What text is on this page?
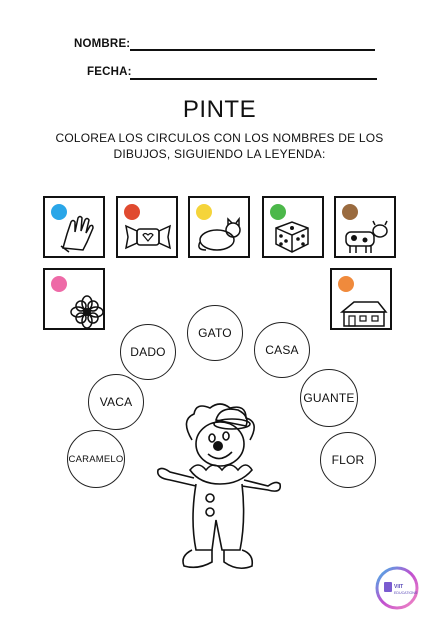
NOMBRE:
FECHA:
PINTE
COLOREA LOS CIRCULOS CON LOS NOMBRES DE LOS DIBUJOS, SIGUIENDO LA LEYENDA:
GATO
DADO	CASA
VACA	GUANTE
CARAMELO	FLOR
VIIT
EDUCATIONS
